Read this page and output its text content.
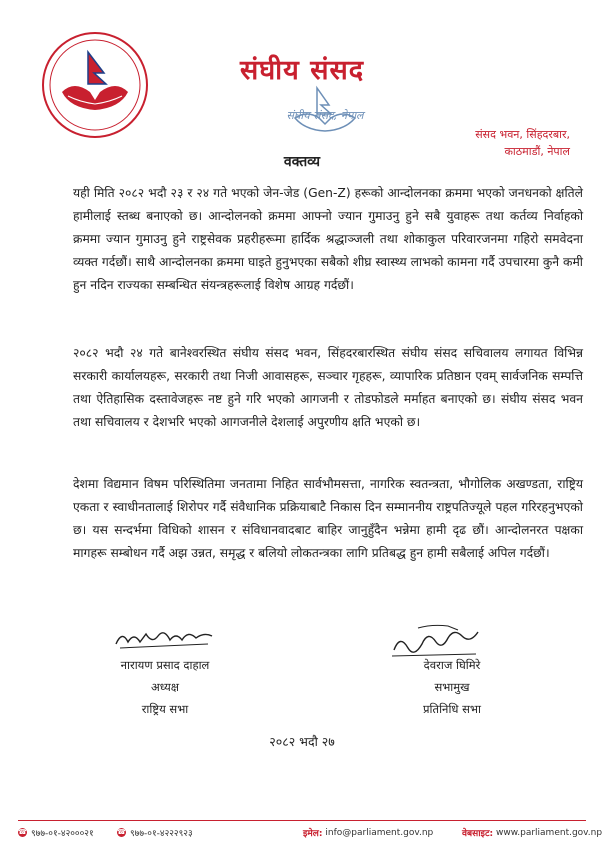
संघीय संसद
संघीय संसद, नेपाल
संसद भवन, सिंहदरबार,
काठमाडौं, नेपाल
वक्तव्य

यही मिति २०८२ भदौ २३ र २४ गते भएको जेन-जेड (Gen-Z) हरूको आन्दोलनका क्रममा भएको जनधनको क्षतिले हामीलाई स्तब्ध बनाएको छ। आन्दोलनको क्रममा आफ्नो ज्यान गुमाउनु हुने सबै युवाहरू तथा कर्तव्य निर्वाहको क्रममा ज्यान गुमाउनु हुने राष्ट्रसेवक प्रहरीहरूमा हार्दिक श्रद्धाञ्जली तथा शोकाकुल परिवारजनमा गहिरो समवेदना व्यक्त गर्दछौं। साथै आन्दोलनका क्रममा घाइते हुनुभएका सबैको शीघ्र स्वास्थ्य लाभको कामना गर्दै उपचारमा कुनै कमी हुन नदिन राज्यका सम्बन्धित संयन्त्रहरूलाई विशेष आग्रह गर्दछौं।

२०८२ भदौ २४ गते बानेश्वरस्थित संघीय संसद भवन, सिंहदरबारस्थित संघीय संसद सचिवालय लगायत विभिन्न सरकारी कार्यालयहरू, सरकारी तथा निजी आवासहरू, सञ्चार गृहहरू, व्यापारिक प्रतिष्ठान एवम् सार्वजनिक सम्पत्ति तथा ऐतिहासिक दस्तावेजहरू नष्ट हुने गरि भएको आगजनी र तोडफोडले मर्माहत बनाएको छ। संघीय संसद भवन तथा सचिवालय र देशभरि भएको आगजनीले देशलाई अपुरणीय क्षति भएको छ।

देशमा विद्यमान विषम परिस्थितिमा जनतामा निहित सार्वभौमसत्ता, नागरिक स्वतन्त्रता, भौगोलिक अखण्डता, राष्ट्रिय एकता र स्वाधीनतालाई शिरोपर गर्दै संवैधानिक प्रक्रियाबाटै निकास दिन सम्माननीय राष्ट्रपतिज्यूले पहल गरिरहनुभएको छ। यस सन्दर्भमा विधिको शासन र संविधानवादबाट बाहिर जानुहुँदैन भन्नेमा हामी दृढ छौं। आन्दोलनरत पक्षका मागहरू सम्बोधन गर्दै अझ उन्नत, समृद्ध र बलियो लोकतन्त्रका लागि प्रतिबद्ध हुन हामी सबैलाई अपिल गर्दछौं।

नारायण प्रसाद दाहाल
अध्यक्ष
राष्ट्रिय सभा
देवराज घिमिरे
सभामुख
प्रतिनिधि सभा
२०८२ भदौ २७
☎ ९७७-०१-४२०००२१	☎ ९७७-०१-४२२२९२३	इमेल:
info@parliament.gov.np	वेबसाइट:
www.parliament.gov.np
